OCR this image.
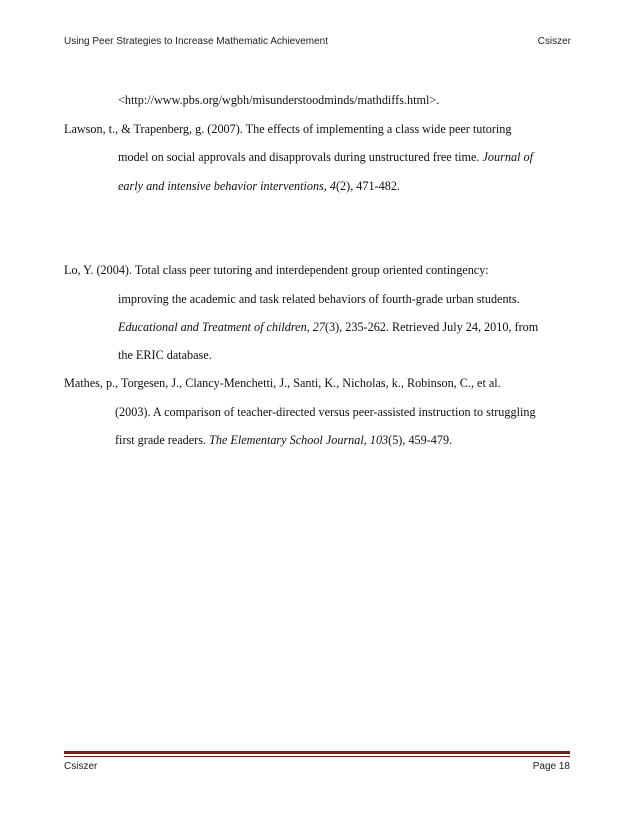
Using Peer Strategies to Increase Mathematic Achievement	Csiszer
<http://www.pbs.org/wgbh/misunderstoodminds/mathdiffs.html>.
Lawson, t., & Trapenberg, g. (2007). The effects of implementing a class wide peer tutoring
model on social approvals and disapprovals during unstructured free time. Journal of
early and intensive behavior interventions, 4(2), 471-482.
Lo, Y. (2004). Total class peer tutoring and interdependent group oriented contingency:
improving the academic and task related behaviors of fourth-grade urban students.
Educational and Treatment of children, 27(3), 235-262. Retrieved July 24, 2010, from
the ERIC database.
Mathes, p., Torgesen, J., Clancy-Menchetti, J., Santi, K., Nicholas, k., Robinson, C., et al.
(2003). A comparison of teacher-directed versus peer-assisted instruction to struggling
first grade readers. The Elementary School Journal, 103(5), 459-479.
Csiszer	Page 18
